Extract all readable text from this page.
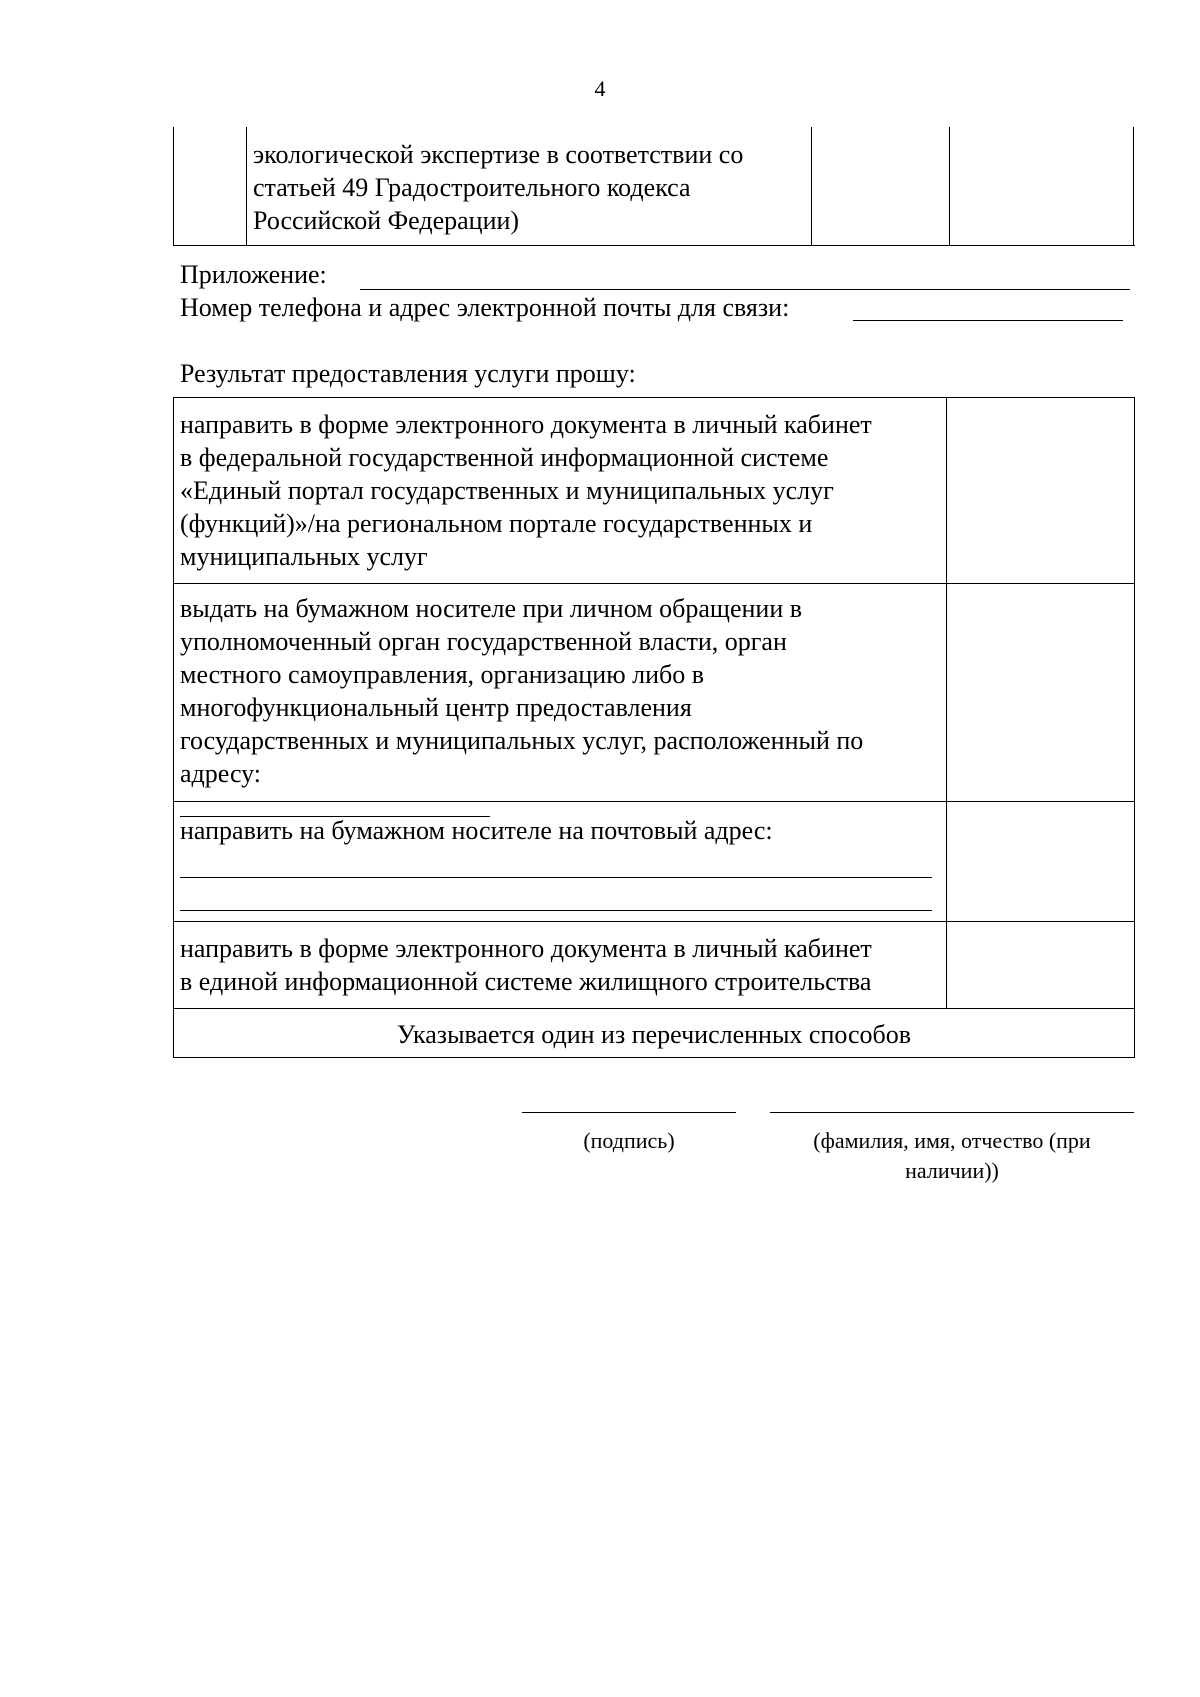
4

экологической экспертизе в соответствии со
статьей 49 Градостроительного кодекса
Российской Федерации)

Приложение:

Номер телефона и адрес электронной почты для связи:

Результат предоставления услуги прошу:

направить в форме электронного документа в личный кабинет
в федеральной государственной информационной системе
«Единый портал государственных и муниципальных услуг
(функций)»/на региональном портале государственных и
муниципальных услуг

выдать на бумажном носителе при личном обращении в
уполномоченный орган государственной власти, орган
местного самоуправления, организацию либо в
многофункциональный центр предоставления
государственных и муниципальных услуг, расположенный по
адресу:

направить на бумажном носителе на почтовый адрес:

направить в форме электронного документа в личный кабинет
в единой информационной системе жилищного строительства

Указывается один из перечисленных способов
(подпись)	(фамилия, имя, отчество (при
наличии))
